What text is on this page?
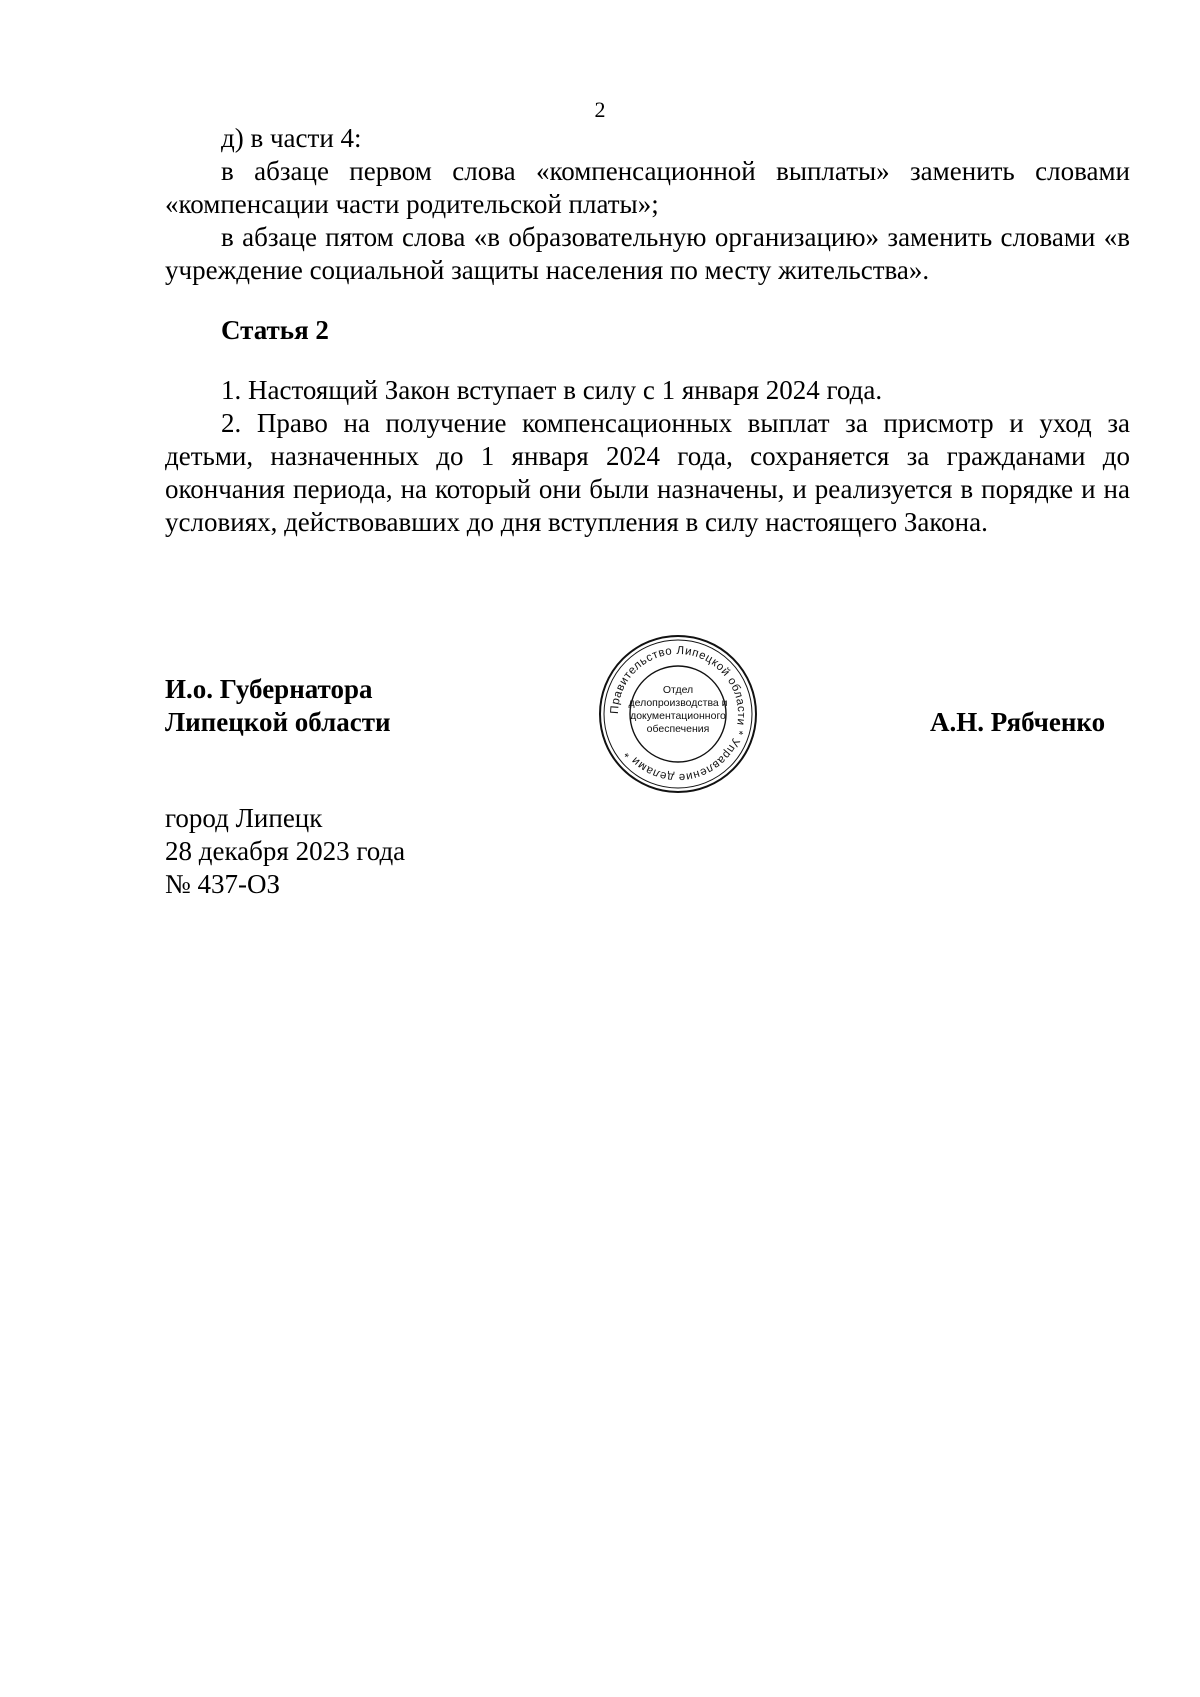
2

д) в части 4:

в абзаце первом слова «компенсационной выплаты» заменить словами «компенсации части родительской платы»;

в абзаце пятом слова «в образовательную организацию» заменить словами «в учреждение социальной защиты населения по месту жительства».

Статья 2

1. Настоящий Закон вступает в силу с 1 января 2024 года.

2. Право на получение компенсационных выплат за присмотр и уход за детьми, назначенных до 1 января 2024 года, сохраняется за гражданами до окончания периода, на который они были назначены, и реализуется в порядке и на условиях, действовавших до дня вступления в силу настоящего Закона.

И.о. Губернатора
Липецкой области	Правительство Липецкой области * Управление делами *
Отдел
делопроизводства и
документационного
обеспечения	А.Н. Рябченко
город Липецк
28 декабря 2023 года
№ 437-ОЗ
